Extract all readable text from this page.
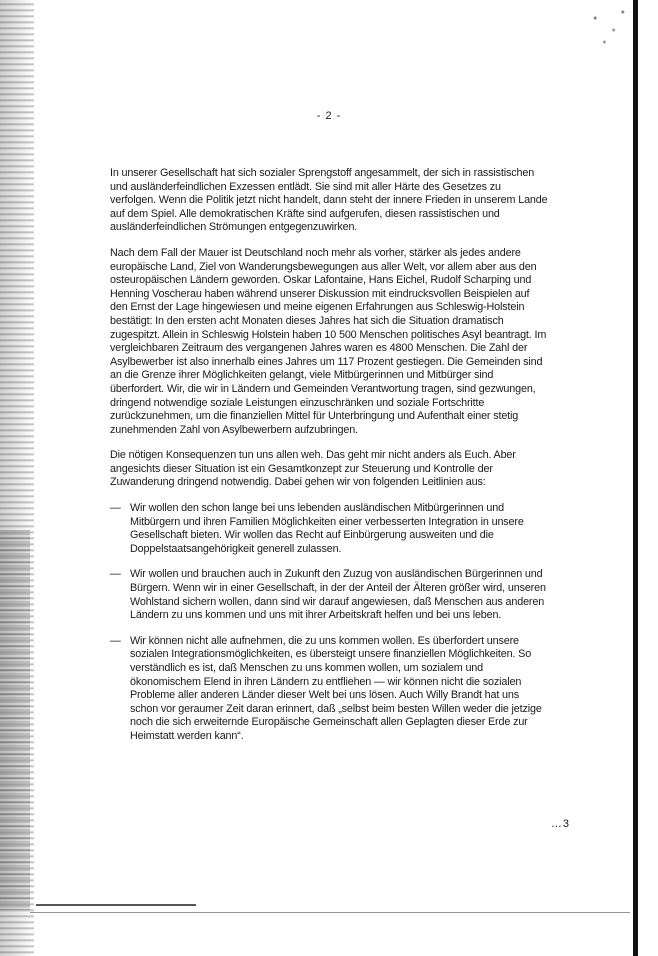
- 2 -

In unserer Gesellschaft hat sich sozialer Sprengstoff angesammelt, der sich in rassistischen und ausländerfeindlichen Exzessen entlädt. Sie sind mit aller Härte des Gesetzes zu verfolgen. Wenn die Politik jetzt nicht handelt, dann steht der innere Frieden in unserem Lande auf dem Spiel. Alle demokratischen Kräfte sind aufgerufen, diesen rassistischen und ausländerfeindlichen Strömungen entgegenzuwirken.

Nach dem Fall der Mauer ist Deutschland noch mehr als vorher, stärker als jedes andere europäische Land, Ziel von Wanderungsbewegungen aus aller Welt, vor allem aber aus den osteuropäischen Ländern geworden. Oskar Lafontaine, Hans Eichel, Rudolf Scharping und Henning Voscherau haben während unserer Diskussion mit eindrucksvollen Beispielen auf den Ernst der Lage hingewiesen und meine eigenen Erfahrungen aus Schleswig-Holstein bestätigt: In den ersten acht Monaten dieses Jahres hat sich die Situation dramatisch zugespitzt. Allein in Schleswig Holstein haben 10 500 Menschen politisches Asyl beantragt. Im vergleichbaren Zeitraum des vergangenen Jahres waren es 4800 Menschen. Die Zahl der Asylbewerber ist also innerhalb eines Jahres um 117 Prozent gestiegen. Die Gemeinden sind an die Grenze ihrer Möglichkeiten gelangt, viele Mitbürgerinnen und Mitbürger sind überfordert. Wir, die wir in Ländern und Gemeinden Verantwortung tragen, sind gezwungen, dringend notwendige soziale Leistungen einzuschränken und soziale Fortschritte zurückzunehmen, um die finanziellen Mittel für Unterbringung und Aufenthalt einer stetig zunehmenden Zahl von Asylbewerbern aufzubringen.

Die nötigen Konsequenzen tun uns allen weh. Das geht mir nicht anders als Euch. Aber angesichts dieser Situation ist ein Gesamtkonzept zur Steuerung und Kontrolle der Zuwanderung dringend notwendig. Dabei gehen wir von folgenden Leitlinien aus:

— Wir wollen den schon lange bei uns lebenden ausländischen Mitbürgerinnen und Mitbürgern und ihren Familien Möglichkeiten einer verbesserten Integration in unsere Gesellschaft bieten. Wir wollen das Recht auf Einbürgerung ausweiten und die Doppelstaatsangehörigkeit generell zulassen.
— Wir wollen und brauchen auch in Zukunft den Zuzug von ausländischen Bürgerinnen und Bürgern. Wenn wir in einer Gesellschaft, in der der Anteil der Älteren größer wird, unseren Wohlstand sichern wollen, dann sind wir darauf angewiesen, daß Menschen aus anderen Ländern zu uns kommen und uns mit ihrer Arbeitskraft helfen und bei uns leben.
— Wir können nicht alle aufnehmen, die zu uns kommen wollen. Es überfordert unsere sozialen Integrationsmöglichkeiten, es übersteigt unsere finanziellen Möglichkeiten. So verständlich es ist, daß Menschen zu uns kommen wollen, um sozialem und ökonomischem Elend in ihren Ländern zu entfliehen — wir können nicht die sozialen Probleme aller anderen Länder dieser Welt bei uns lösen. Auch Willy Brandt hat uns schon vor geraumer Zeit daran erinnert, daß „selbst beim besten Willen weder die jetzige noch die sich erweiternde Europäische Gemeinschaft allen Geplagten dieser Erde zur Heimstatt werden kann“.
…3
